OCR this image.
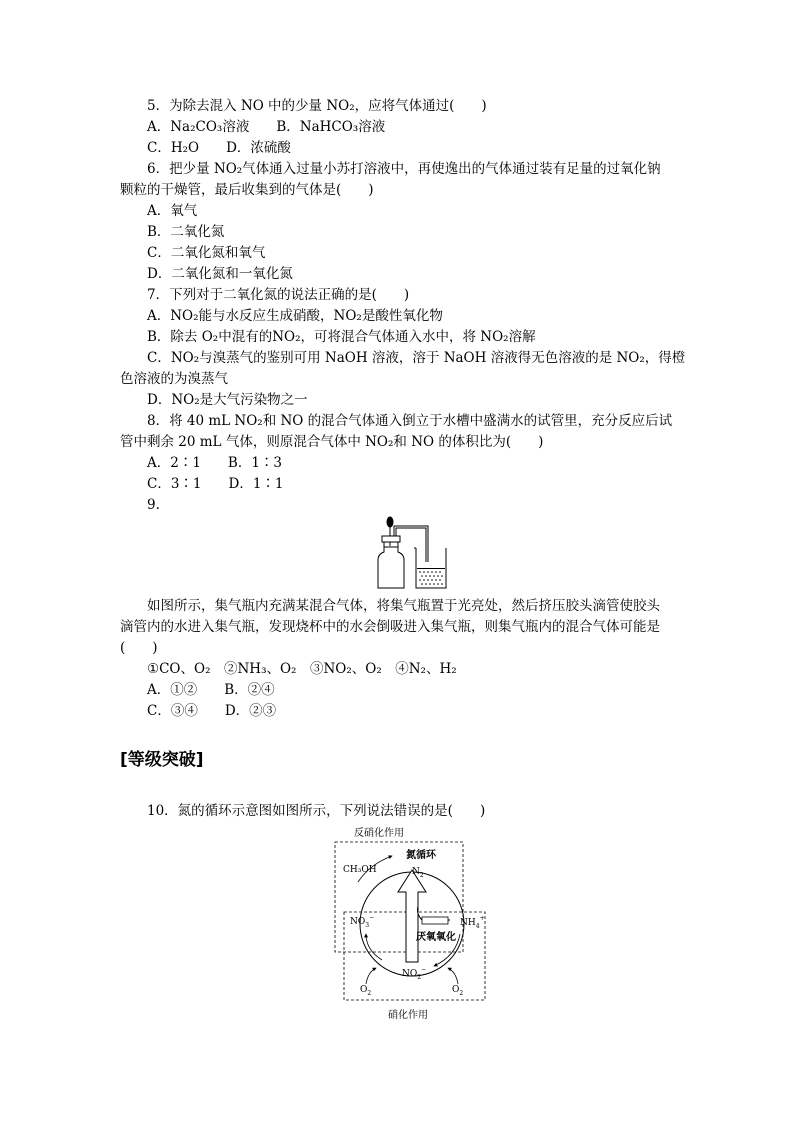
5．为除去混入 NO 中的少量 NO₂，应将气体通过(　　)
A．Na₂CO₃溶液　　B．NaHCO₃溶液
C．H₂O　　D．浓硫酸
6．把少量 NO₂气体通入过量小苏打溶液中，再使逸出的气体通过装有足量的过氧化钠
颗粒的干燥管，最后收集到的气体是(　　)
A．氧气
B．二氧化氮
C．二氧化氮和氧气
D．二氧化氮和一氧化氮
7．下列对于二氧化氮的说法正确的是(　　)
A．NO₂能与水反应生成硝酸，NO₂是酸性氧化物
B．除去 O₂中混有的NO₂，可将混合气体通入水中，将 NO₂溶解
C．NO₂与溴蒸气的鉴别可用 NaOH 溶液，溶于 NaOH 溶液得无色溶液的是 NO₂，得橙
色溶液的为溴蒸气
D．NO₂是大气污染物之一
8．将 40 mL NO₂和 NO 的混合气体通入倒立于水槽中盛满水的试管里，充分反应后试
管中剩余 20 mL 气体，则原混合气体中 NO₂和 NO 的体积比为(　　)
A．2∶1　　B．1∶3
C．3∶1　　D．1∶1
9.
如图所示，集气瓶内充满某混合气体，将集气瓶置于光亮处，然后挤压胶头滴管使胶头
滴管内的水进入集气瓶，发现烧杯中的水会倒吸进入集气瓶，则集气瓶内的混合气体可能是
(　　)
①CO、O₂　②NH₃、O₂　③NO₂、O₂　④N₂、H₂
A．①②　　B．②④
C．③④　　D．②③
[等级突破]
10．氮的循环示意图如图所示，下列说法错误的是(　　)
反硝化作用
氮循环
$N_2$
CH₃OH
$NO_3^-$
$NH_4^+$
厌氧氧化
$NO_2^-$
$O_2$	$O_2$
硝化作用
